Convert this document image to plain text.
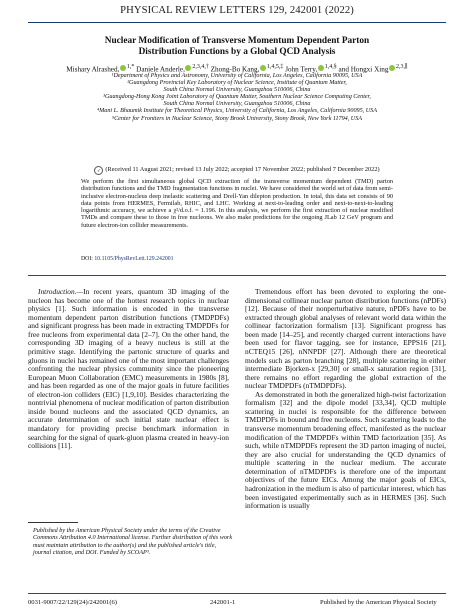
PHYSICAL REVIEW LETTERS 129, 242001 (2022)
Nuclear Modification of Transverse Momentum Dependent Parton
Distribution Functions by a Global QCD Analysis
Mishary Alrashed, $^{1,*}$ Daniele Anderle, $^{2,3,4,\dagger}$ Zhong-Bo Kang, $^{1,4,5,\ddagger}$ John Terry, $^{1,4,\S}$ and Hongxi Xing $^{2,3,\parallel}$
¹Department of Physics and Astronomy, University of California, Los Angeles, California 90095, USA
²Guangdong Provincial Key Laboratory of Nuclear Science, Institute of Quantum Matter,
South China Normal University, Guangzhou 510006, China
³Guangdong-Hong Kong Joint Laboratory of Quantum Matter, Southern Nuclear Science Computing Center,
South China Normal University, Guangzhou 510006, China
⁴Mani L. Bhaumik Institute for Theoretical Physics, University of California, Los Angeles, California 90095, USA
⁵Center for Frontiers in Nuclear Science, Stony Brook University, Stony Brook, New York 11794, USA
✓ (Received 11 August 2021; revised 13 July 2022; accepted 17 November 2022; published 7 December 2022)

We perform the first simultaneous global QCD extraction of the transverse momentum dependent (TMD) parton distribution functions and the TMD fragmentation functions in nuclei. We have considered the world set of data from semi-inclusive electron-nucleus deep inelastic scattering and Drell-Yan dilepton production. In total, this data set consists of 90 data points from HERMES, Fermilab, RHIC, and LHC. Working at next-to-leading order and next-to-next-to-leading logarithmic accuracy, we achieve a χ²/d.o.f. = 1.196. In this analysis, we perform the first extraction of nuclear modified TMDs and compare these to those in free nucleons. We also make predictions for the ongoing JLab 12 GeV program and future electron-ion collider measurements.

DOI: 10.1105/PhysRevLett.129.242001

Introduction.—In recent years, quantum 3D imaging of the nucleon has become one of the hottest research topics in nuclear physics [1]. Such information is encoded in the transverse momentum dependent parton distribution functions (TMDPDFs) and significant progress has been made in extracting TMDPDFs for free nucleons from experimental data [2–7]. On the other hand, the corresponding 3D imaging of a heavy nucleus is still at the primitive stage. Identifying the partonic structure of quarks and gluons in nuclei has remained one of the most important challenges confronting the nuclear physics community since the pioneering European Muon Collaboration (EMC) measurements in 1980s [8], and has been regarded as one of the major goals in future facilities of electron-ion colliders (EIC) [1,9,10]. Besides characterizing the nontrivial phenomena of nuclear modification of parton distribution inside bound nucleons and the associated QCD dynamics, an accurate determination of such initial state nuclear effect is mandatory for providing precise benchmark information in searching for the signal of quark-gluon plasma created in heavy-ion collisions [11].

Published by the American Physical Society under the terms of the Creative Commons Attribution 4.0 International license. Further distribution of this work must maintain attribution to the author(s) and the published article's title, journal citation, and DOI. Funded by SCOAP³.

Tremendous effort has been devoted to exploring the one-dimensional collinear nuclear parton distribution functions (nPDFs) [12]. Because of their nonperturbative nature, nPDFs have to be extracted through global analyses of relevant world data within the collinear factorization formalism [13]. Significant progress has been made [14–25], and recently charged current interactions have been used for flavor tagging, see for instance, EPPS16 [21], nCTEQ15 [26], nNNPDF [27]. Although there are theoretical models such as parton branching [28], multiple scattering in either intermediate Bjorken-x [29,30] or small-x saturation region [31], there remains no effort regarding the global extraction of the nuclear TMDPDFs (nTMDPDFs).

As demonstrated in both the generalized high-twist factorization formalism [32] and the dipole model [33,34], QCD multiple scattering in nuclei is responsible for the difference between TMDPDFs in bound and free nucleons. Such scattering leads to the transverse momentum broadening effect, manifested as the nuclear modification of the TMDPDFs within TMD factorization [35]. As such, while nTMDPDFs represent the 3D parton imaging of nuclei, they are also crucial for understanding the QCD dynamics of multiple scattering in the nuclear medium. The accurate determination of nTMDPDFs is therefore one of the important objectives of the future EICs. Among the major goals of EICs, hadronization in the medium is also of particular interest, which has been investigated experimentally such as in HERMES [36]. Such information is usually

0031-9007/22/129(24)/242001(6)	242001-1	Published by the American Physical Society
